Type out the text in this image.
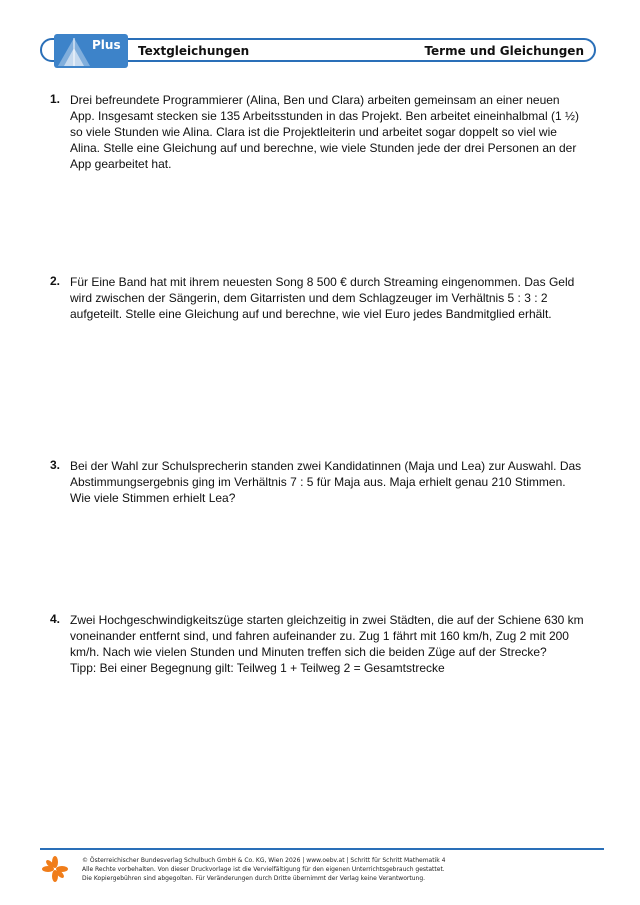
Plus Textgleichungen	Terme und Gleichungen
1. Drei befreundete Programmierer (Alina, Ben und Clara) arbeiten gemeinsam an einer neuen
App. Insgesamt stecken sie 135 Arbeitsstunden in das Projekt. Ben arbeitet eineinhalbmal (1 ½)
so viele Stunden wie Alina. Clara ist die Projektleiterin und arbeitet sogar doppelt so viel wie
Alina. Stelle eine Gleichung auf und berechne, wie viele Stunden jede der drei Personen an der
App gearbeitet hat.
2. Für Eine Band hat mit ihrem neuesten Song 8 500 € durch Streaming eingenommen. Das Geld
wird zwischen der Sängerin, dem Gitarristen und dem Schlagzeuger im Verhältnis 5 : 3 : 2
aufgeteilt. Stelle eine Gleichung auf und berechne, wie viel Euro jedes Bandmitglied erhält.
3. Bei der Wahl zur Schulsprecherin standen zwei Kandidatinnen (Maja und Lea) zur Auswahl. Das
Abstimmungsergebnis ging im Verhältnis 7 : 5 für Maja aus. Maja erhielt genau 210 Stimmen.
Wie viele Stimmen erhielt Lea?
4. Zwei Hochgeschwindigkeitszüge starten gleichzeitig in zwei Städten, die auf der Schiene 630 km
voneinander entfernt sind, und fahren aufeinander zu. Zug 1 fährt mit 160 km/h, Zug 2 mit 200
km/h. Nach wie vielen Stunden und Minuten treffen sich die beiden Züge auf der Strecke?
Tipp: Bei einer Begegnung gilt: Teilweg 1 + Teilweg 2 = Gesamtstrecke
© Österreichischer Bundesverlag Schulbuch GmbH & Co. KG, Wien 2026 | www.oebv.at | Schritt für Schritt Mathematik 4
Alle Rechte vorbehalten. Von dieser Druckvorlage ist die Vervielfältigung für den eigenen Unterrichtsgebrauch gestattet.
Die Kopiergebühren sind abgegolten. Für Veränderungen durch Dritte übernimmt der Verlag keine Verantwortung.
